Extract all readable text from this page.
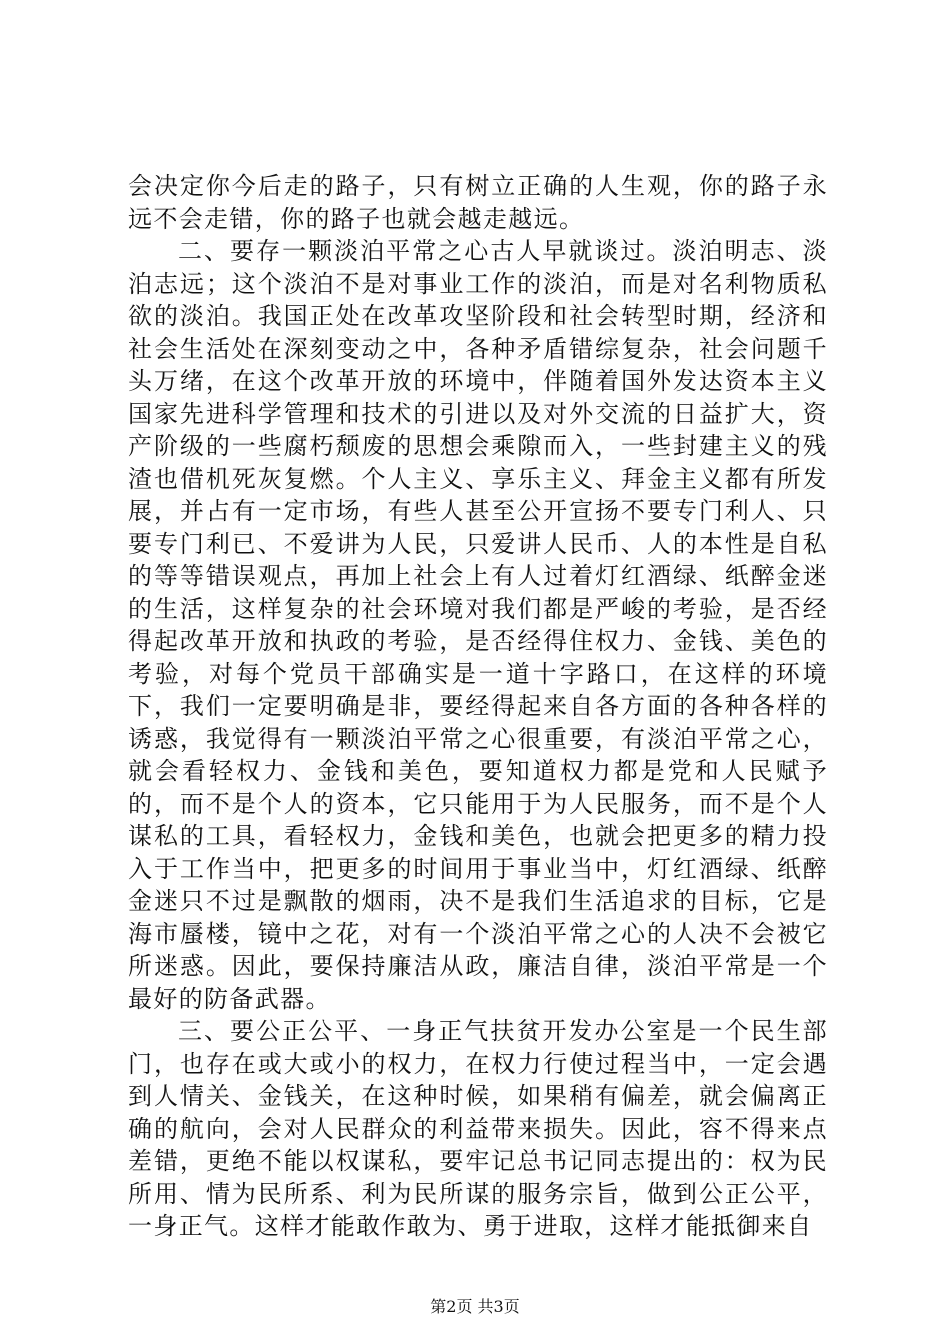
会决定你今后走的路子，只有树立正确的人生观，你的路子永远不会走错，你的路子也就会越走越远。

二、要存一颗淡泊平常之心古人早就谈过。淡泊明志、淡泊志远；这个淡泊不是对事业工作的淡泊，而是对名利物质私欲的淡泊。我国正处在改革攻坚阶段和社会转型时期，经济和社会生活处在深刻变动之中，各种矛盾错综复杂，社会问题千头万绪，在这个改革开放的环境中，伴随着国外发达资本主义国家先进科学管理和技术的引进以及对外交流的日益扩大，资产阶级的一些腐朽颓废的思想会乘隙而入，一些封建主义的残渣也借机死灰复燃。个人主义、享乐主义、拜金主义都有所发展，并占有一定市场，有些人甚至公开宣扬不要专门利人、只要专门利已、不爱讲为人民，只爱讲人民币、人的本性是自私的等等错误观点，再加上社会上有人过着灯红酒绿、纸醉金迷的生活，这样复杂的社会环境对我们都是严峻的考验，是否经得起改革开放和执政的考验，是否经得住权力、金钱、美色的考验，对每个党员干部确实是一道十字路口，在这样的环境下，我们一定要明确是非，要经得起来自各方面的各种各样的诱惑，我觉得有一颗淡泊平常之心很重要，有淡泊平常之心，就会看轻权力、金钱和美色，要知道权力都是党和人民赋予的，而不是个人的资本，它只能用于为人民服务，而不是个人谋私的工具，看轻权力，金钱和美色，也就会把更多的精力投入于工作当中，把更多的时间用于事业当中，灯红酒绿、纸醉金迷只不过是飘散的烟雨，决不是我们生活追求的目标，它是海市蜃楼，镜中之花，对有一个淡泊平常之心的人决不会被它所迷惑。因此，要保持廉洁从政，廉洁自律，淡泊平常是一个最好的防备武器。

三、要公正公平、一身正气扶贫开发办公室是一个民生部门，也存在或大或小的权力，在权力行使过程当中，一定会遇到人情关、金钱关，在这种时候，如果稍有偏差，就会偏离正确的航向，会对人民群众的利益带来损失。因此，容不得来点差错，更绝不能以权谋私，要牢记总书记同志提出的：权为民所用、情为民所系、利为民所谋的服务宗旨，做到公正公平，一身正气。这样才能敢作敢为、勇于进取，这样才能抵御来自

第2页 共3页
